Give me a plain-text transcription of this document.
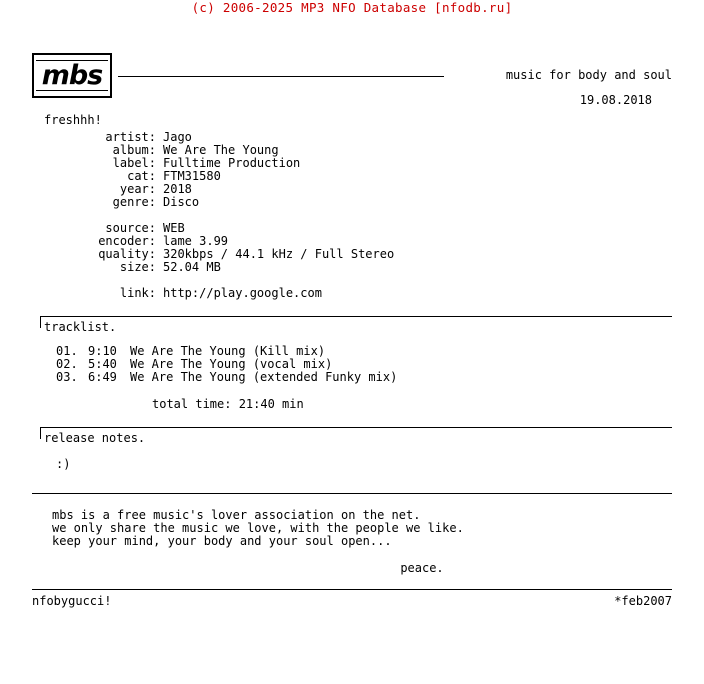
(c) 2006-2025 MP3 NFO Database [nfodb.ru]
mbs	music for body and soul
19.08.2018
freshhh!
artist: Jago
album: We Are The Young
label: Fulltime Production
cat: FTM31580
year: 2018
genre: Disco
source: WEB
encoder: lame 3.99
quality: 320kbps / 44.1 kHz / Full Stereo
size: 52.04 MB
link: http://play.google.com
tracklist.
01. 9:10	We Are The Young (Kill mix)
02. 5:40	We Are The Young (vocal mix)
03. 6:49	We Are The Young (extended Funky mix)
total time: 21:40 min
release notes.
:)
mbs is a free music's lover association on the net.
we only share the music we love, with the people we like.
keep your mind, your body and your soul open...
peace.
nfobygucci!	*feb2007
